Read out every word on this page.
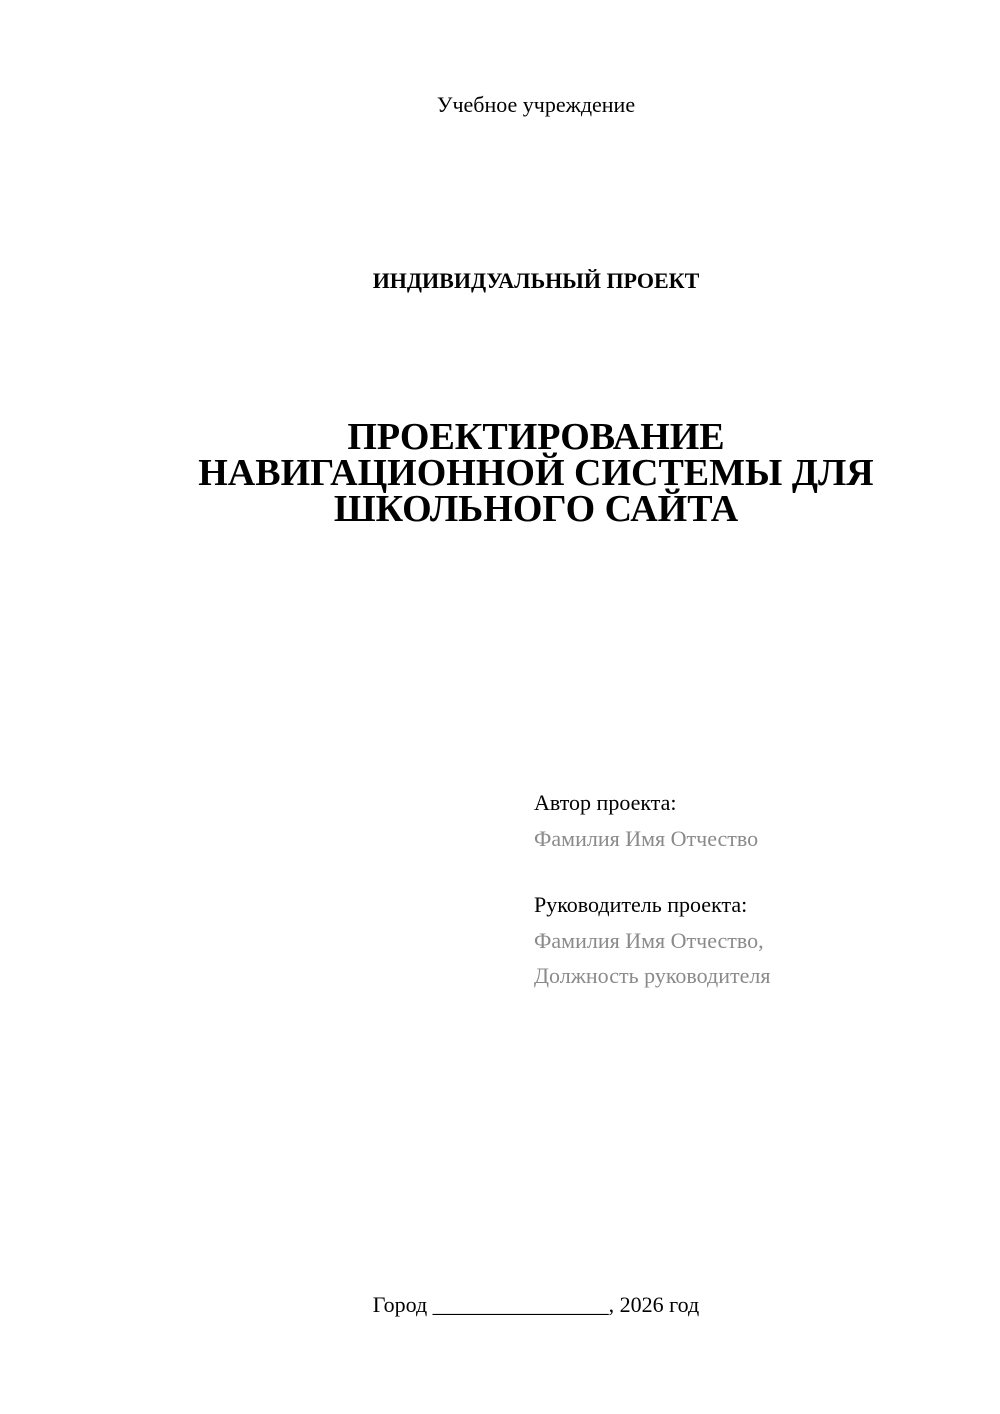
Учебное учреждение
ИНДИВИДУАЛЬНЫЙ ПРОЕКТ
ПРОЕКТИРОВАНИЕ
НАВИГАЦИОННОЙ СИСТЕМЫ ДЛЯ
ШКОЛЬНОГО САЙТА

Автор проекта:

Фамилия Имя Отчество

Руководитель проекта:

Фамилия Имя Отчество,

Должность руководителя

Город ________________, 2026 год
